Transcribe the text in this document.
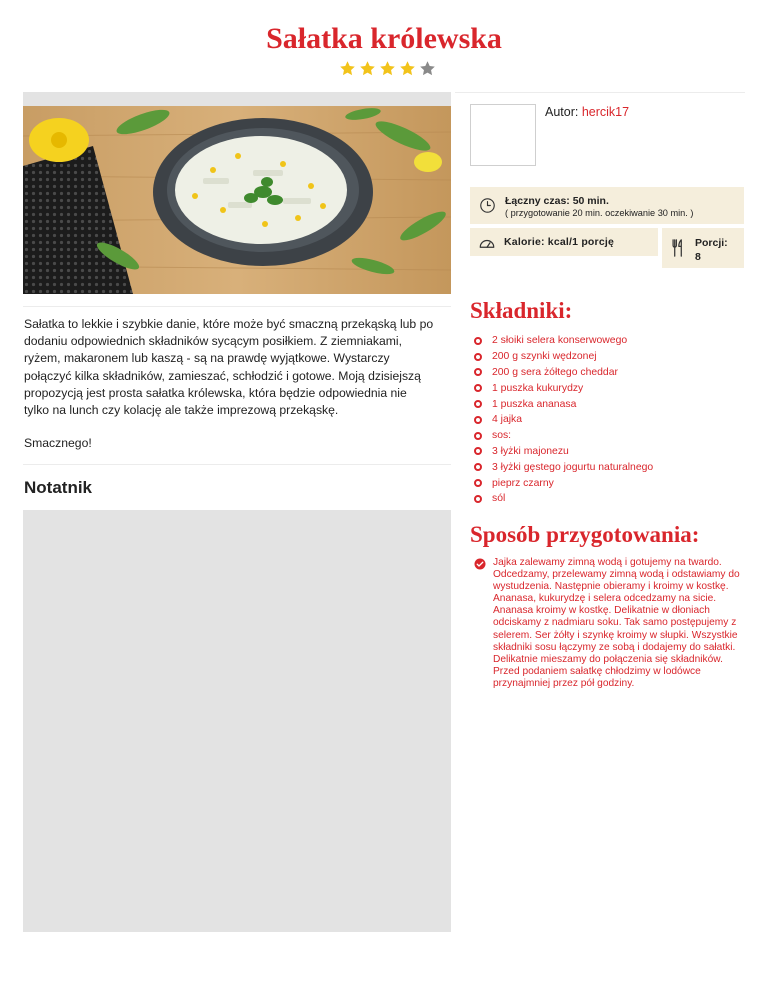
Sałatka królewska

Sałatka to lekkie i szybkie danie, które może być smaczną przekąską lub po dodaniu odpowiednich składników sycącym posiłkiem. Z ziemniakami, ryżem, makaronem lub kaszą - są na prawdę wyjątkowe. Wystarczy połączyć kilka składników, zamieszać, schłodzić i gotowe. Moją dzisiejszą propozycją jest prosta sałatka królewska, która będzie odpowiednia nie tylko na lunch czy kolację ale także imprezową przekąskę.

Smacznego!

Notatnik
Autor: hercik17
Łączny czas: 50 min.
( przygotowanie 20 min. oczekiwanie 30 min. )
Kalorie: kcal/1 porcję	Porcji:
8
Składniki:
2 słoiki selera konserwowego
200 g szynki wędzonej
200 g sera żółtego cheddar
1 puszka kukurydzy
1 puszka ananasa
4 jajka
sos:
3 łyżki majonezu
3 łyżki gęstego jogurtu naturalnego
pieprz czarny
sól
Sposób przygotowania:
Jajka zalewamy zimną wodą i gotujemy na twardo. Odcedzamy, przelewamy zimną wodą i odstawiamy do wystudzenia. Następnie obieramy i kroimy w kostkę. Ananasa, kukurydzę i selera odcedzamy na sicie. Ananasa kroimy w kostkę. Delikatnie w dłoniach odciskamy z nadmiaru soku. Tak samo postępujemy z selerem. Ser żółty i szynkę kroimy w słupki. Wszystkie składniki sosu łączymy ze sobą i dodajemy do sałatki. Delikatnie mieszamy do połączenia się składników. Przed podaniem sałatkę chłodzimy w lodówce przynajmniej przez pół godziny.
